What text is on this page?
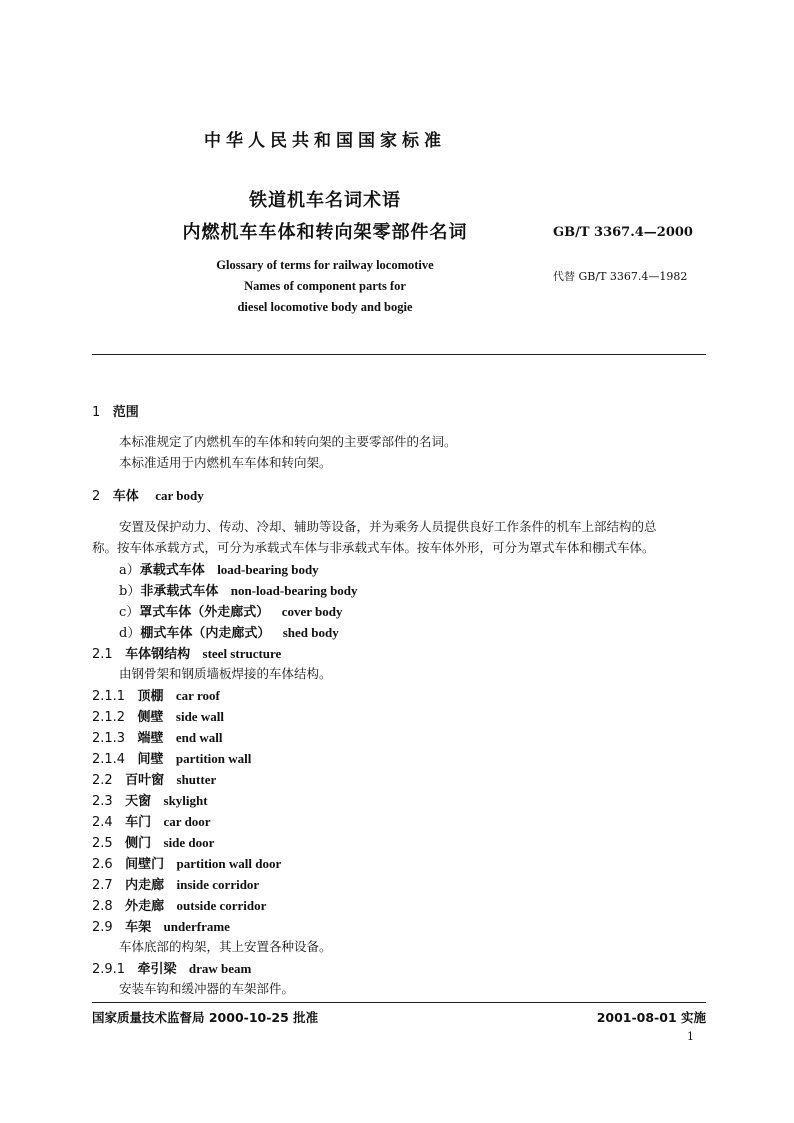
中华人民共和国国家标准
铁道机车名词术语
内燃机车车体和转向架零部件名词	GB/T 3367.4—2000
Glossary of terms for railway locomotive
Names of component parts for
diesel locomotive body and bogie
代替 GB/T 3367.4—1982
1 范围
本标准规定了内燃机车的车体和转向架的主要零部件的名词。
本标准适用于内燃机车车体和转向架。
2 车体 car body
安置及保护动力、传动、冷却、辅助等设备，并为乘务人员提供良好工作条件的机车上部结构的总
称。按车体承载方式，可分为承载式车体与非承载式车体。按车体外形，可分为罩式车体和棚式车体。
a）承载式车体 load-bearing body
b）非承载式车体 non-load-bearing body
c）罩式车体（外走廊式） cover body
d）棚式车体（内走廊式） shed body
2.1 车体钢结构 steel structure
由钢骨架和钢质墙板焊接的车体结构。
2.1.1 顶棚 car roof
2.1.2 侧壁 side wall
2.1.3 端壁 end wall
2.1.4 间壁 partition wall
2.2 百叶窗 shutter
2.3 天窗 skylight
2.4 车门 car door
2.5 侧门 side door
2.6 间壁门 partition wall door
2.7 内走廊 inside corridor
2.8 外走廊 outside corridor
2.9 车架 underframe
车体底部的构架，其上安置各种设备。
2.9.1 牵引梁 draw beam
安装车钩和缓冲器的车架部件。
国家质量技术监督局 2000-10-25 批准	2001-08-01 实施
1
